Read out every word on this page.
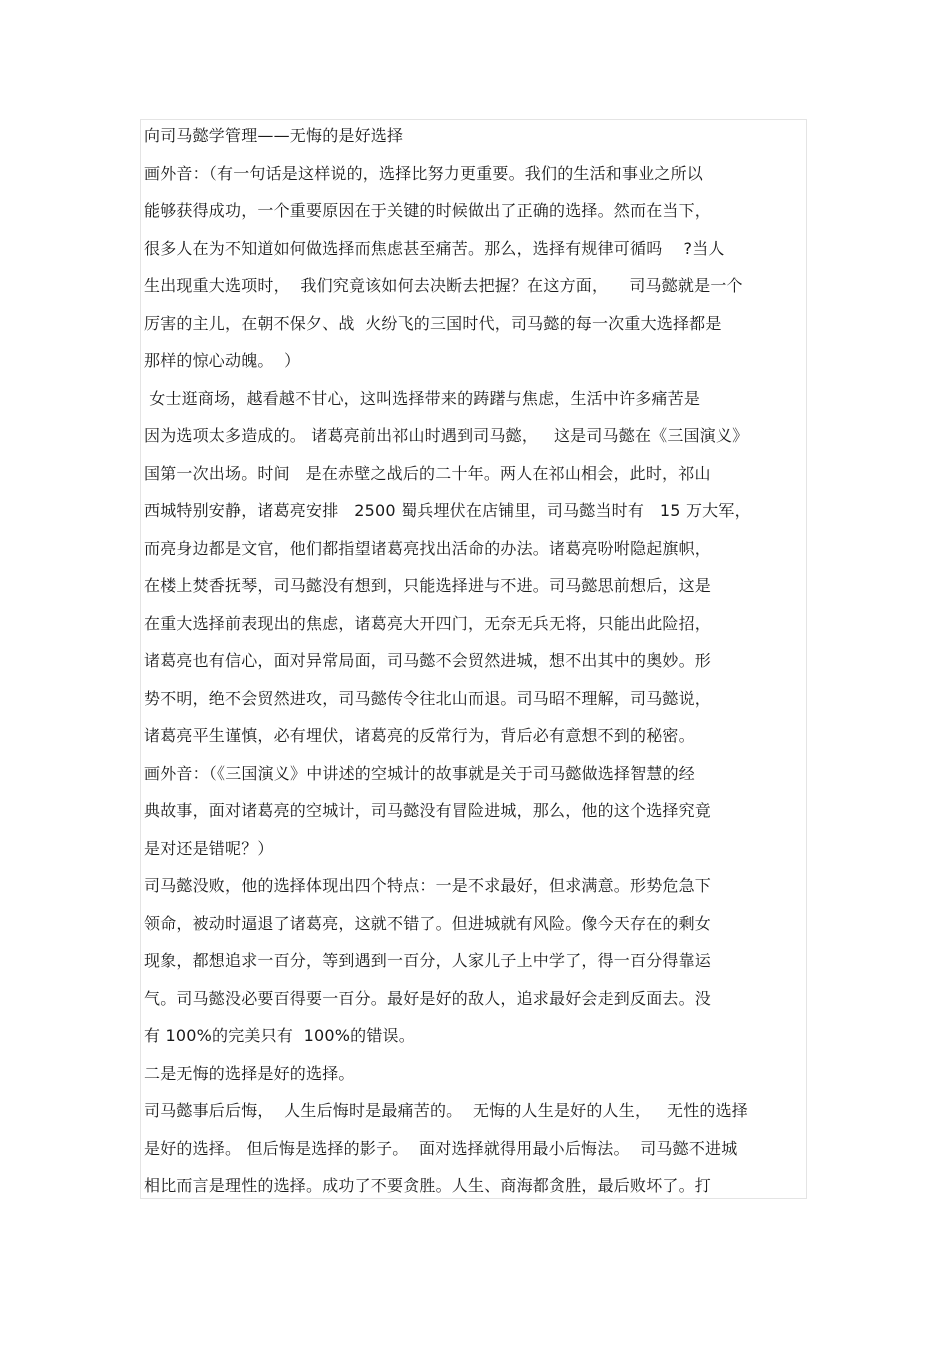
向司马懿学管理——无悔的是好选择
画外音：（有一句话是这样说的，选择比努力更重要。我们的生活和事业之所以
能够获得成功，一个重要原因在于关键的时候做出了正确的选择。然而在当下，
很多人在为不知道如何做选择而焦虑甚至痛苦。那么，选择有规律可循吗    ?当人
生出现重大选项时，  我们究竟该如何去决断去把握？在这方面，    司马懿就是一个
厉害的主儿，在朝不保夕、战  火纷飞的三国时代，司马懿的每一次重大选择都是
那样的惊心动魄。  ）
女士逛商场，越看越不甘心，这叫选择带来的踌躇与焦虑，生活中许多痛苦是
因为选项太多造成的。 诸葛亮前出祁山时遇到司马懿，   这是司马懿在《三国演义》
国第一次出场。时间   是在赤壁之战后的二十年。两人在祁山相会，此时，祁山
西城特别安静，诸葛亮安排   2500 蜀兵埋伏在店铺里，司马懿当时有   15 万大军，
而亮身边都是文官，他们都指望诸葛亮找出活命的办法。诸葛亮吩咐隐起旗帜，
在楼上焚香抚琴，司马懿没有想到，只能选择进与不进。司马懿思前想后，这是
在重大选择前表现出的焦虑，诸葛亮大开四门，无奈无兵无将，只能出此险招，
诸葛亮也有信心，面对异常局面，司马懿不会贸然进城，想不出其中的奥妙。形
势不明，绝不会贸然进攻，司马懿传令往北山而退。司马昭不理解，司马懿说，
诸葛亮平生谨慎，必有埋伏，诸葛亮的反常行为，背后必有意想不到的秘密。
画外音：（《三国演义》中讲述的空城计的故事就是关于司马懿做选择智慧的经
典故事，面对诸葛亮的空城计，司马懿没有冒险进城，那么，他的这个选择究竟
是对还是错呢？）
司马懿没败，他的选择体现出四个特点：一是不求最好，但求满意。形势危急下
领命，被动时逼退了诸葛亮，这就不错了。但进城就有风险。像今天存在的剩女
现象，都想追求一百分，等到遇到一百分，人家儿子上中学了，得一百分得靠运
气。司马懿没必要百得要一百分。最好是好的敌人，追求最好会走到反面去。没
有 100%的完美只有  100%的错误。
二是无悔的选择是好的选择。
司马懿事后后悔，  人生后悔时是最痛苦的。  无悔的人生是好的人生，   无性的选择
是好的选择。 但后悔是选择的影子。  面对选择就得用最小后悔法。  司马懿不进城
相比而言是理性的选择。成功了不要贪胜。人生、商海都贪胜，最后败坏了。打
